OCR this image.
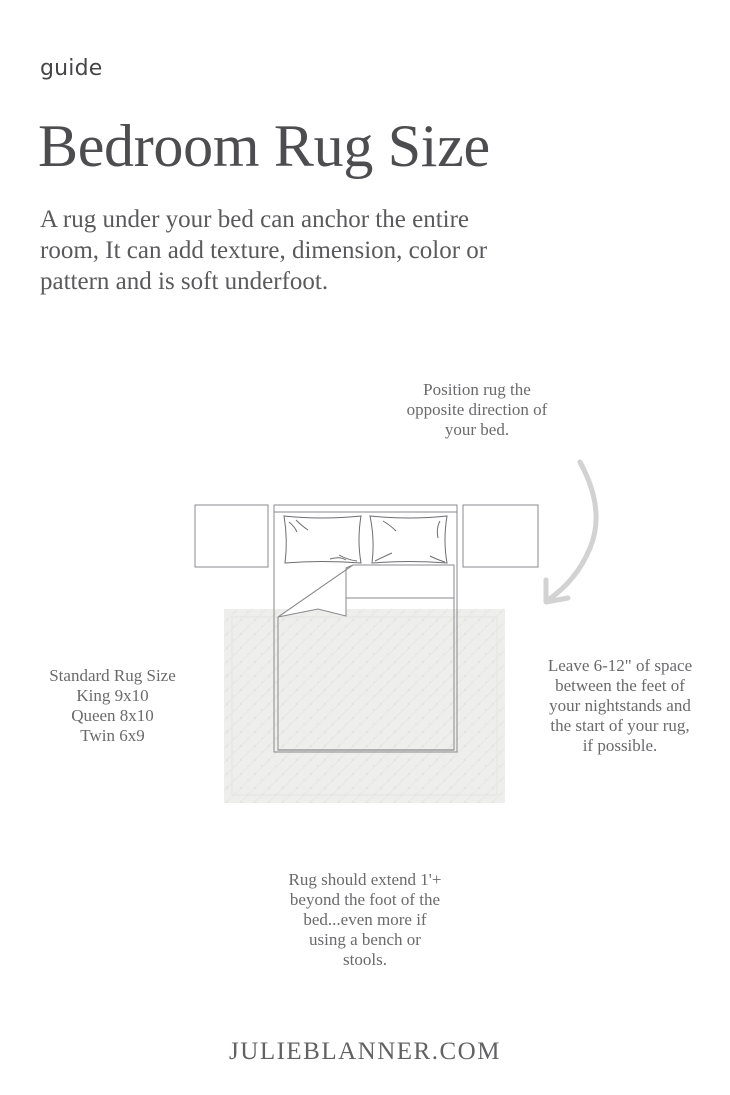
guide
Bedroom Rug Size
A rug under your bed can anchor the entire
room, It can add texture, dimension, color or
pattern and is soft underfoot.
Position rug the
opposite direction of
your bed.
Standard Rug Size
King 9x10
Queen 8x10
Twin 6x9
Leave 6-12" of space
between the feet of
your nightstands and
the start of your rug,
if possible.
Rug should extend 1'+
beyond the foot of the
bed...even more if
using a bench or
stools.
JULIEBLANNER.COM
